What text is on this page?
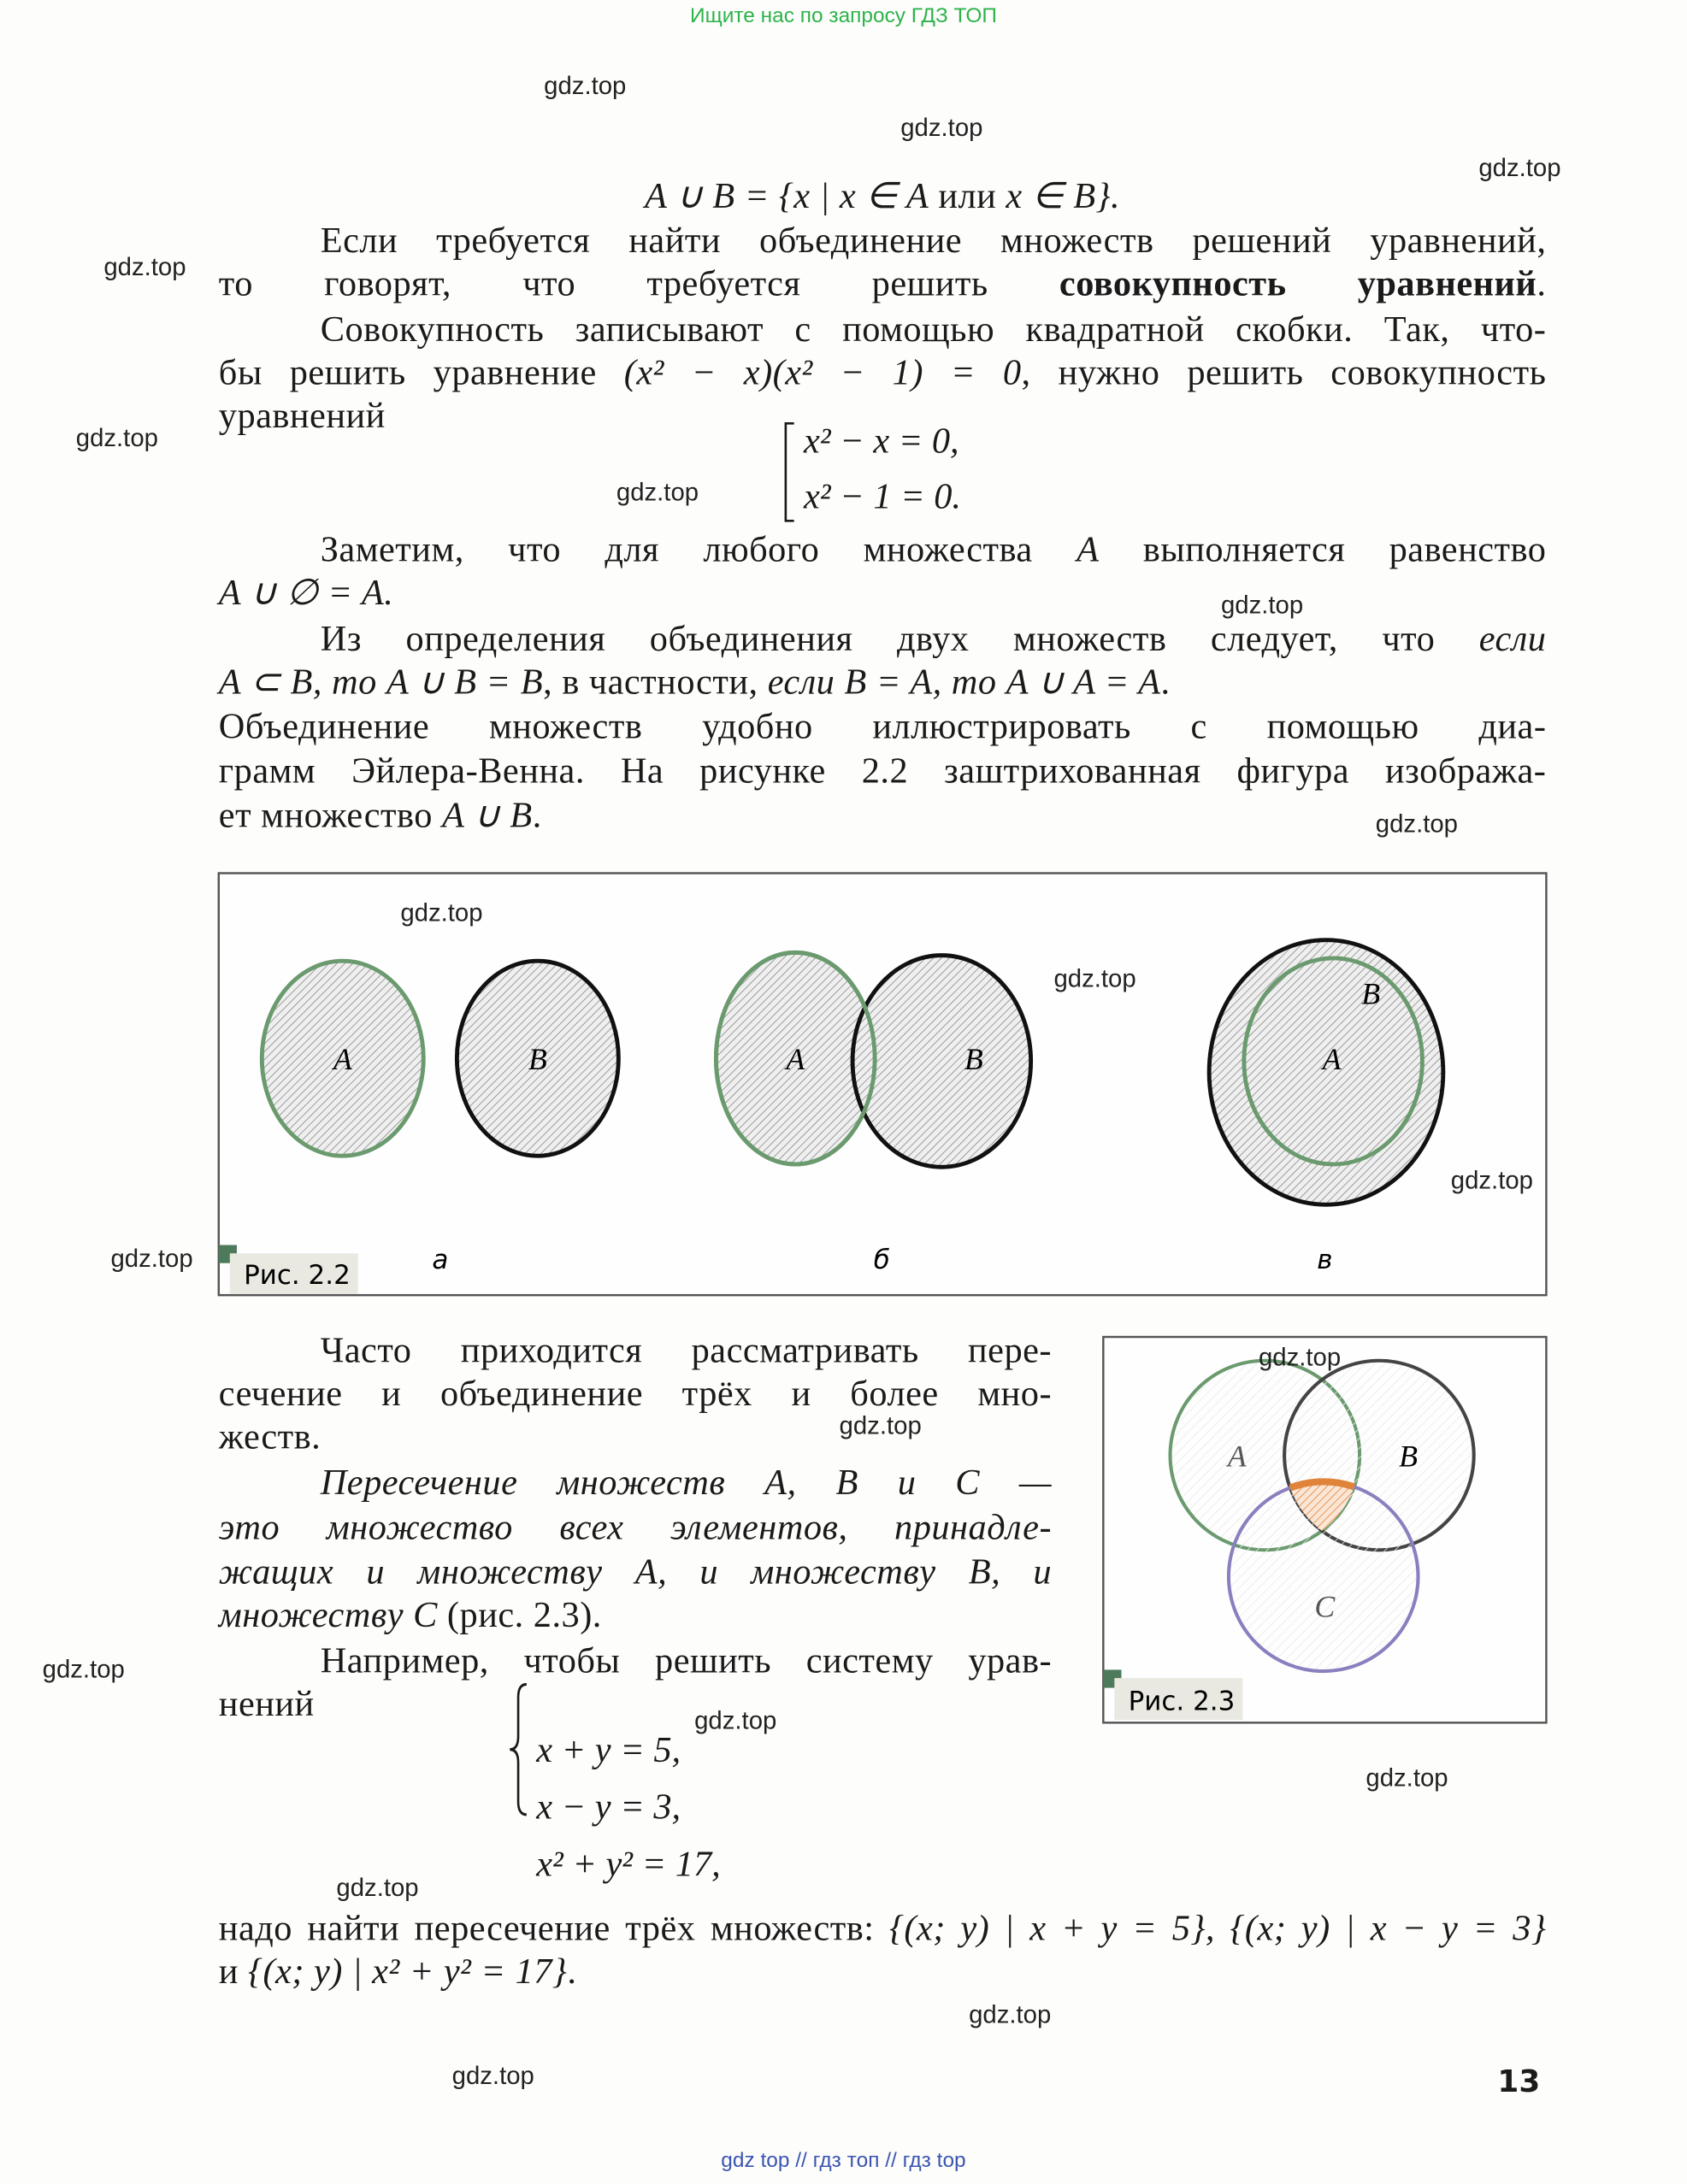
Ищите нас по запросу ГДЗ ТОП
A ∪ B = {x | x ∈ A или x ∈ B}.
Если требуется найти объединение множеств решений уравнений,
то говорят, что требуется решить совокупность уравнений.
Совокупность записывают с помощью квадратной скобки. Так, что-
бы решить уравнение (x² − x)(x² − 1) = 0, нужно решить совокупность
уравнений
x² − x = 0,
x² − 1 = 0.
Заметим, что для любого множества A выполняется равенство
A ∪ ∅ = A.
Из определения объединения двух множеств следует, что если
A ⊂ B, то A ∪ B = B, в частности, если B = A, то A ∪ A = A.
Объединение множеств удобно иллюстрировать с помощью диа-
грамм Эйлера-Венна. На рисунке 2.2 заштрихованная фигура изобража-
ет множество A ∪ B.
A	B	A	B
B
A
а	б	в
Рис. 2.2
A	B
C
Рис. 2.3
Часто приходится рассматривать пере-
сечение и объединение трёх и более мно-
жеств.
Пересечение множеств A, B и C —
это множество всех элементов, принадле-
жащих и множеству A, и множеству B, и
множеству C (рис. 2.3).
Например, чтобы решить систему урав-
нений
x + y = 5,
x − y = 3,
x² + y² = 17,
надо найти пересечение трёх множеств: {(x; y) | x + y = 5}, {(x; y) | x − y = 3}
и {(x; y) | x² + y² = 17}.
13
gdz.top
gdz.top
gdz.top
gdz.top
gdz.top
gdz.top
gdz.top
gdz.top
gdz.top
gdz.top
gdz.top
gdz.top
gdz.top
gdz.top
gdz.top
gdz.top
gdz.top
gdz.top
gdz.top
gdz.top
gdz top // гдз топ // гдз top
